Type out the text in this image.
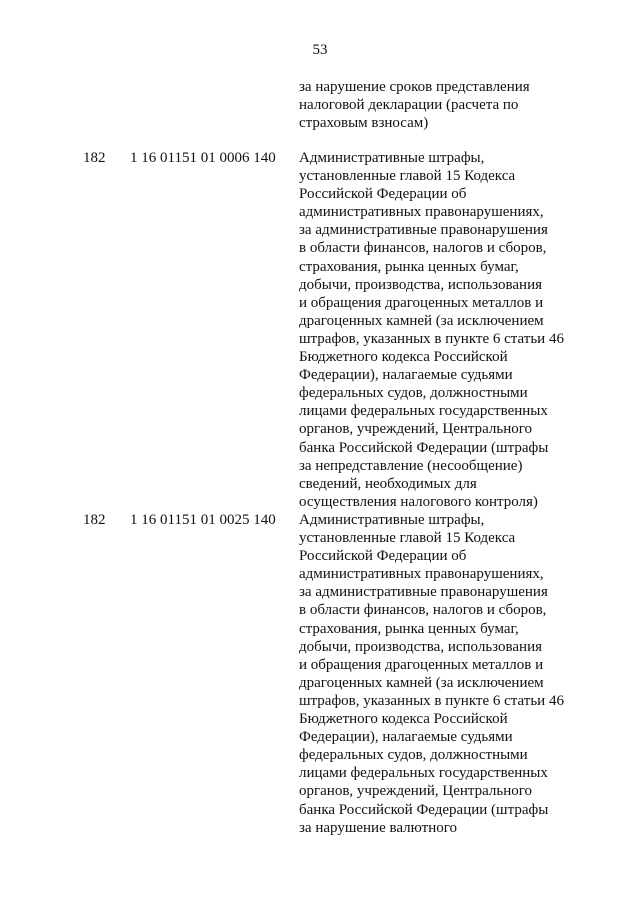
53
за нарушение сроков представления
налоговой декларации (расчета по
страховым взносам)
182 1 16 01151 01 0006 140 Административные штрафы,
установленные главой 15 Кодекса
Российской Федерации об
административных правонарушениях,
за административные правонарушения
в области финансов, налогов и сборов,
страхования, рынка ценных бумаг,
добычи, производства, использования
и обращения драгоценных металлов и
драгоценных камней (за исключением
штрафов, указанных в пункте 6 статьи 46
Бюджетного кодекса Российской
Федерации), налагаемые судьями
федеральных судов, должностными
лицами федеральных государственных
органов, учреждений, Центрального
банка Российской Федерации (штрафы
за непредставление (несообщение)
сведений, необходимых для
осуществления налогового контроля)
182 1 16 01151 01 0025 140 Административные штрафы,
установленные главой 15 Кодекса
Российской Федерации об
административных правонарушениях,
за административные правонарушения
в области финансов, налогов и сборов,
страхования, рынка ценных бумаг,
добычи, производства, использования
и обращения драгоценных металлов и
драгоценных камней (за исключением
штрафов, указанных в пункте 6 статьи 46
Бюджетного кодекса Российской
Федерации), налагаемые судьями
федеральных судов, должностными
лицами федеральных государственных
органов, учреждений, Центрального
банка Российской Федерации (штрафы
за нарушение валютного
